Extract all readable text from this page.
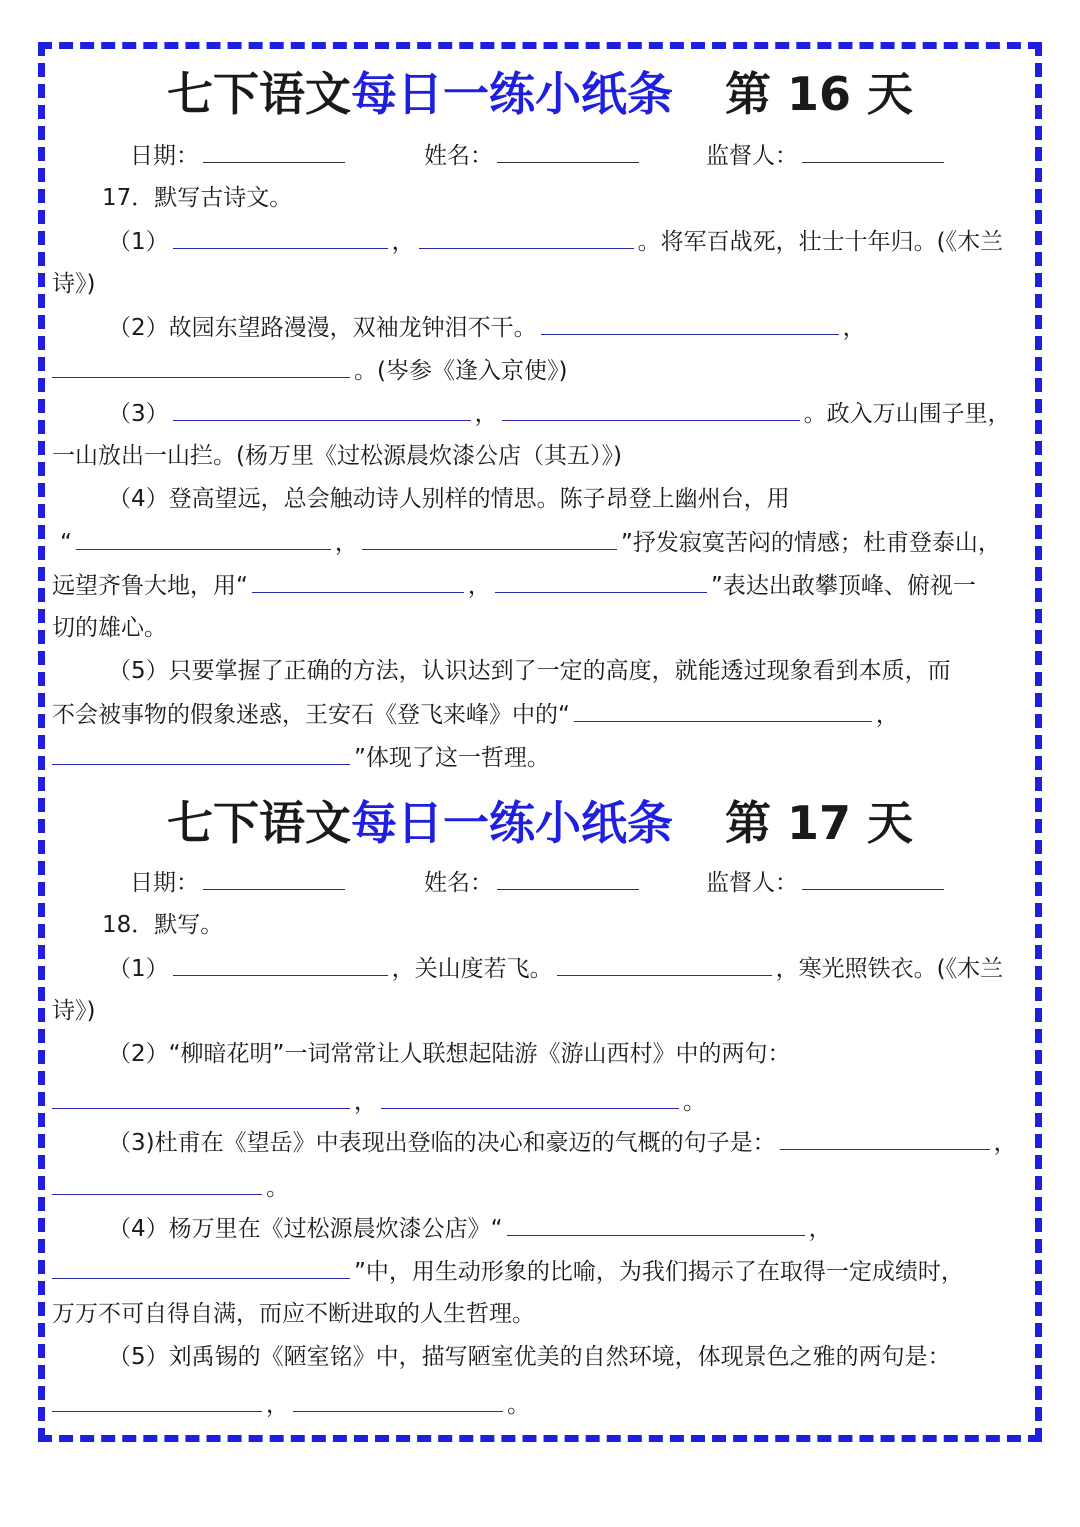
七下语文每日一练小纸条 第 16 天
日期：	姓名：	监督人：
17．默写古诗文。
（1）	，	。将军百战死，壮士十年归。(《木兰
诗》)
（2）故园东望路漫漫，双袖龙钟泪不干。	，
。(岑参《逢入京使》)
（3）	，	。政入万山围子里，
一山放出一山拦。(杨万里《过松源晨炊漆公店（其五）》)
（4）登高望远，总会触动诗人别样的情思。陈子昂登上幽州台，用
“	，	”抒发寂寞苦闷的情感；杜甫登泰山，
远望齐鲁大地，用“	，	”表达出敢攀顶峰、俯视一
切的雄心。
（5）只要掌握了正确的方法，认识达到了一定的高度，就能透过现象看到本质，而
不会被事物的假象迷惑，王安石《登飞来峰》中的“	，
”体现了这一哲理。
七下语文每日一练小纸条 第 17 天
日期：	姓名：	监督人：
18．默写。
（1）	，关山度若飞。	，寒光照铁衣。(《木兰
诗》)
（2）“柳暗花明”一词常常让人联想起陆游《游山西村》中的两句：
，	。
（3)杜甫在《望岳》中表现出登临的决心和豪迈的气概的句子是：	，
。
（4）杨万里在《过松源晨炊漆公店》“	，
”中，用生动形象的比喻，为我们揭示了在取得一定成绩时，
万万不可自得自满，而应不断进取的人生哲理。
（5）刘禹锡的《陋室铭》中，描写陋室优美的自然环境，体现景色之雅的两句是：
，	。
